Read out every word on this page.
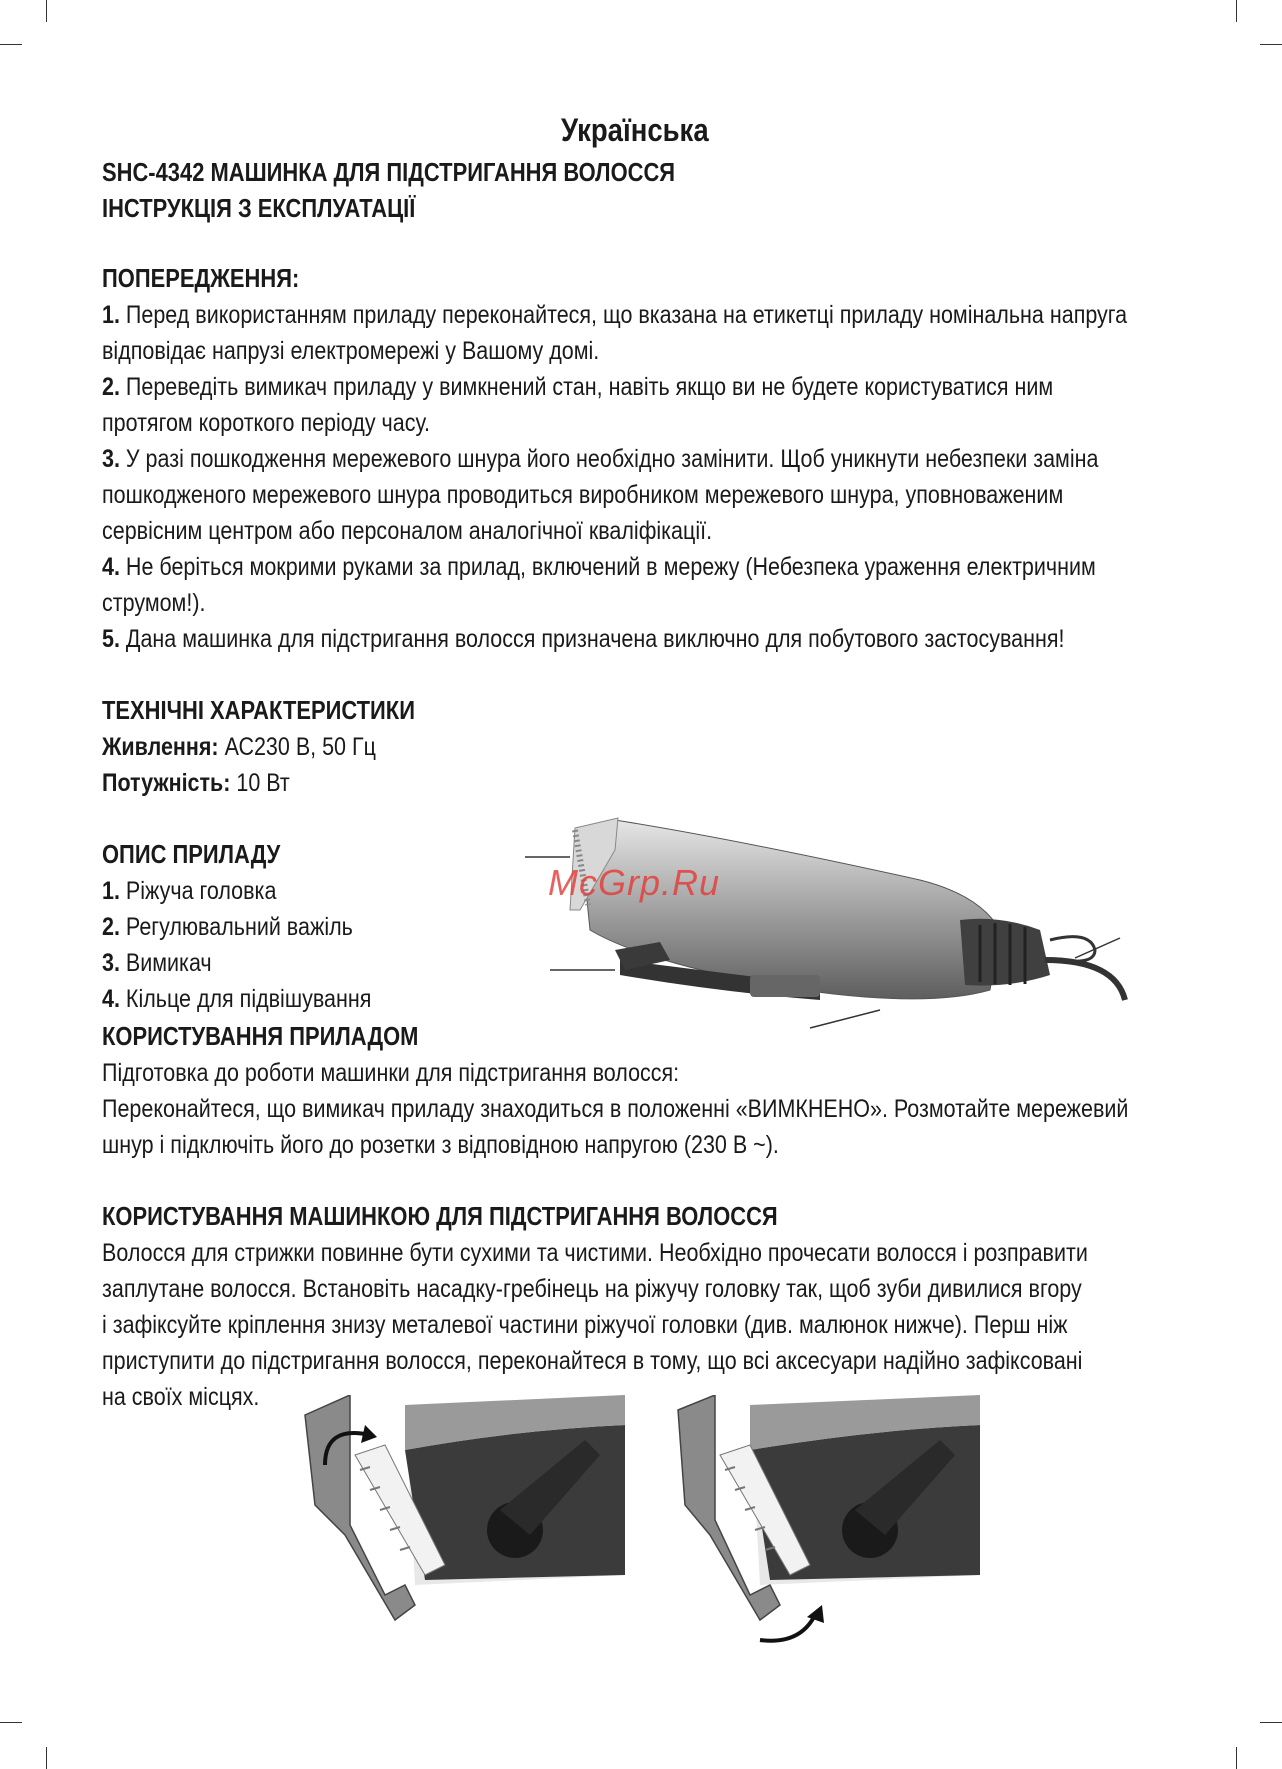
Українська
SHC-4342 МАШИНКА ДЛЯ ПІДСТРИГАННЯ ВОЛОССЯ
ІНСТРУКЦІЯ З ЕКСПЛУАТАЦІЇ
ПОПЕРЕДЖЕННЯ:
1. Перед використанням приладу переконайтеся, що вказана на етикетці приладу номінальна напруга
відповідає напрузі електромережі у Вашому домі.
2. Переведіть вимикач приладу у вимкнений стан, навіть якщо ви не будете користуватися ним
протягом короткого періоду часу.
3. У разі пошкодження мережевого шнура його необхідно замінити. Щоб уникнути небезпеки заміна
пошкодженого мережевого шнура проводиться виробником мережевого шнура, уповноваженим
сервісним центром або персоналом аналогічної кваліфікації.
4. Не беріться мокрими руками за прилад, включений в мережу (Небезпека ураження електричним
струмом!).
5. Дана машинка для підстригання волосся призначена виключно для побутового застосування!
ТЕХНІЧНІ ХАРАКТЕРИСТИКИ
Живлення: АС230 В, 50 Гц
Потужність: 10 Вт
ОПИС ПРИЛАДУ
1. Ріжуча головка
2. Регулювальний важіль
3. Вимикач
4. Кільце для підвішування
McGrp.Ru
КОРИСТУВАННЯ ПРИЛАДОМ
Підготовка до роботи машинки для підстригання волосся:
Переконайтеся, що вимикач приладу знаходиться в положенні «ВИМКНЕНО». Розмотайте мережевий
шнур і підключіть його до розетки з відповідною напругою (230 В ~).
КОРИСТУВАННЯ МАШИНКОЮ ДЛЯ ПІДСТРИГАННЯ ВОЛОССЯ
Волосся для стрижки повинне бути сухими та чистими. Необхідно прочесати волосся і розправити
заплутане волосся. Встановіть насадку-гребінець на ріжучу головку так, щоб зуби дивилися вгору
і зафіксуйте кріплення знизу металевої частини ріжучої головки (див. малюнок нижче). Перш ніж
приступити до підстригання волосся, переконайтеся в тому, що всі аксесуари надійно зафіксовані
на своїх місцях.
